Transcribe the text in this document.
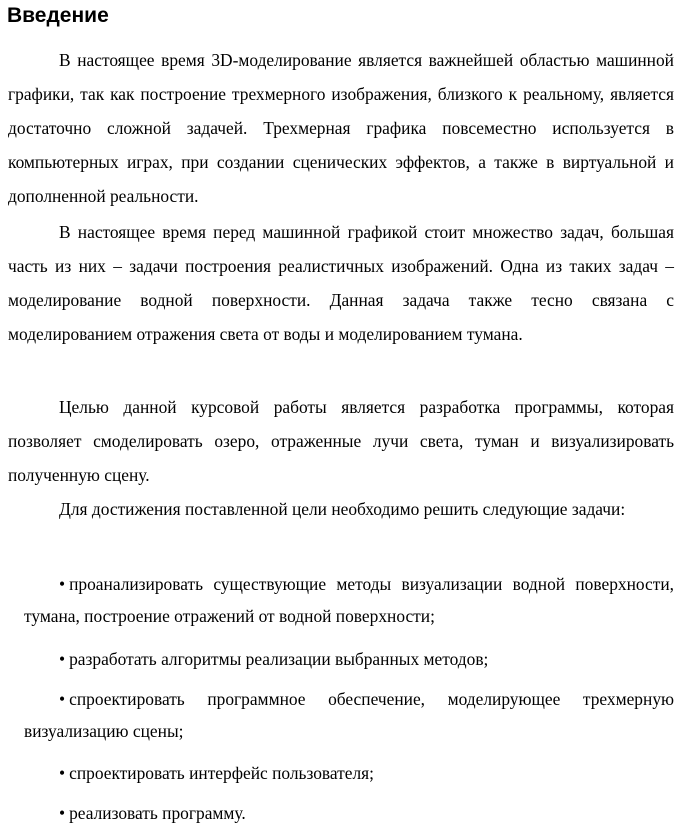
Введение

В настоящее время 3D-моделирование является важнейшей областью машинной графики, так как построение трехмерного изображения, близкого к реальному, является достаточно сложной задачей. Трехмерная графика повсеместно используется в компьютерных играх, при создании сценических эффектов, а также в виртуальной и дополненной реальности.

В настоящее время перед машинной графикой стоит множество задач, большая часть из них – задачи построения реалистичных изображений. Одна из таких задач – моделирование водной поверхности. Данная задача также тесно связана с моделированием отражения света от воды и моделированием тумана.

Целью данной курсовой работы является разработка программы, которая позволяет смоделировать озеро, отраженные лучи света, туман и визуализировать полученную сцену.

Для достижения поставленной цели необходимо решить следующие задачи:

• проанализировать существующие методы визуализации водной поверхности, тумана, построение отражений от водной поверхности;

• разработать алгоритмы реализации выбранных методов;

• спроектировать программное обеспечение, моделирующее трехмерную визуализацию сцены;

• спроектировать интерфейс пользователя;

• реализовать программу.
